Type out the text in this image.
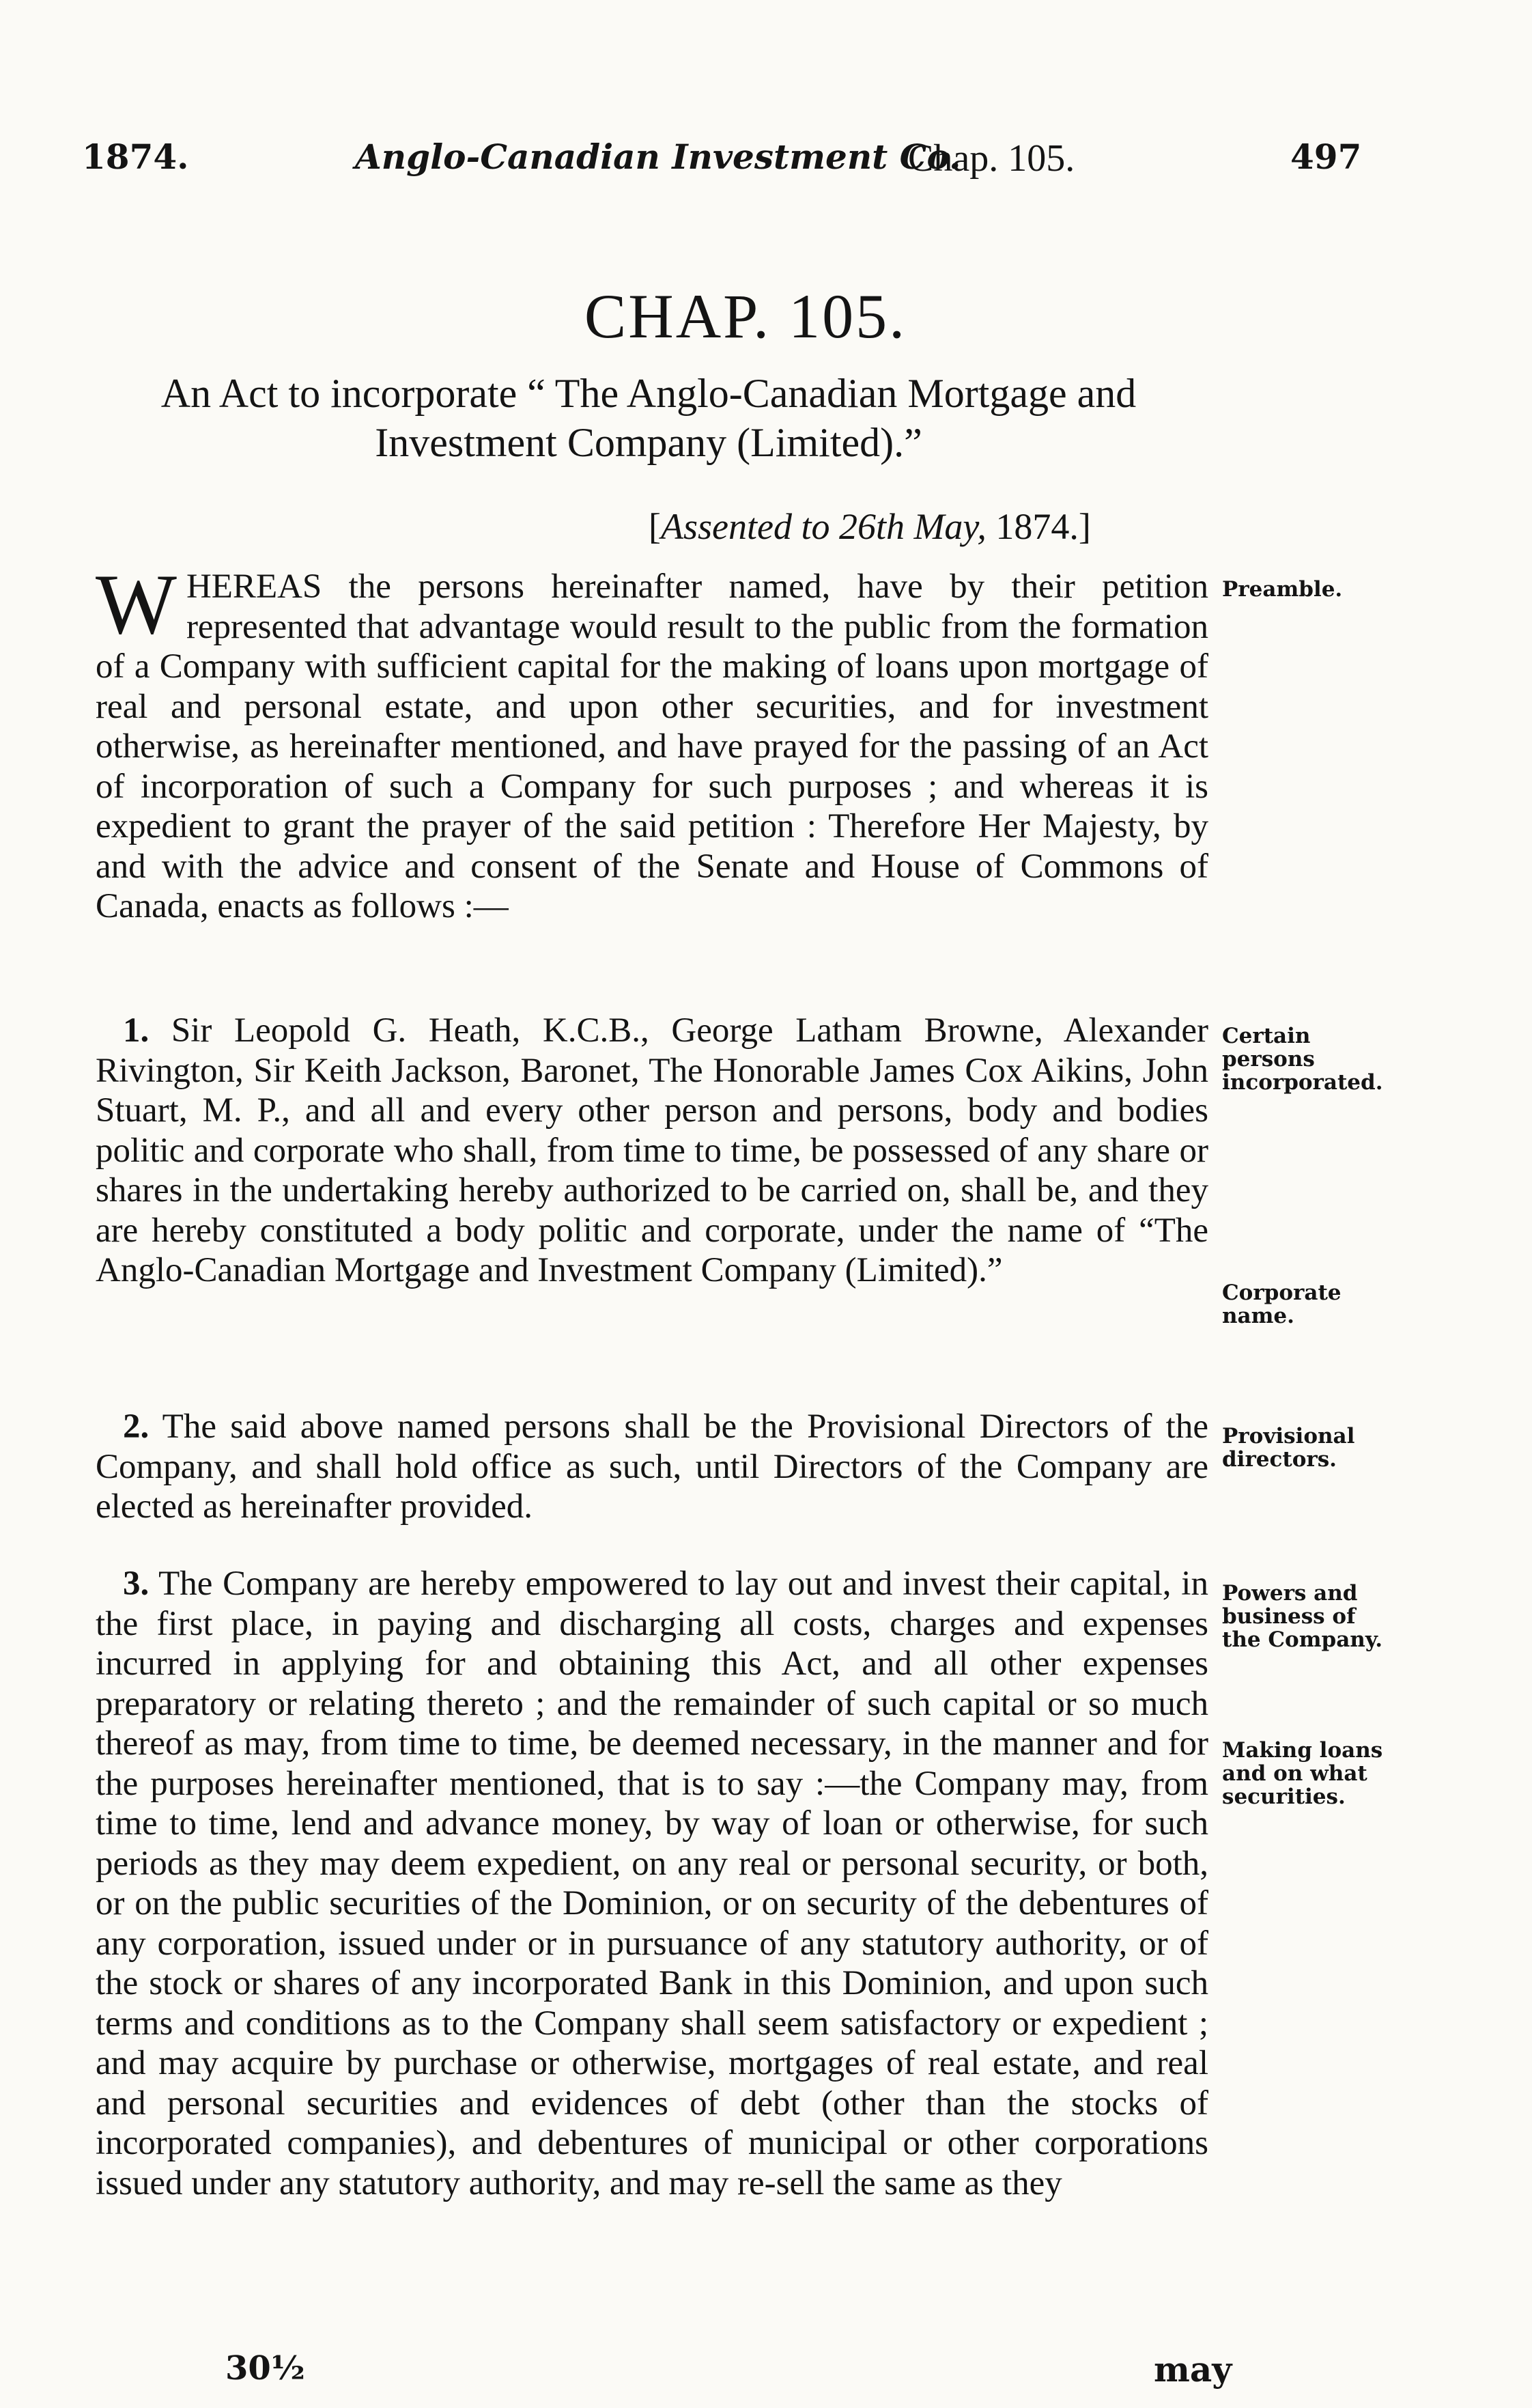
1874.	Anglo-Canadian Investment Co.
Chap. 105.	497
CHAP. 105.
An Act to incorporate “ The Anglo-Canadian Mortgage and Investment Company (Limited).”
[Assented to 26th May, 1874.]

WHEREAS the persons hereinafter named, have by their petition represented that advantage would result to the public from the formation of a Company with sufficient capital for the making of loans upon mortgage of real and personal estate, and upon other securities, and for investment otherwise, as hereinafter mentioned, and have prayed for the passing of an Act of incorporation of such a Company for such purposes ; and whereas it is expedient to grant the prayer of the said petition : Therefore Her Majesty, by and with the advice and consent of the Senate and House of Commons of Canada, enacts as follows :—

1. Sir Leopold G. Heath, K.C.B., George Latham Browne, Alexander Rivington, Sir Keith Jackson, Baronet, The Honorable James Cox Aikins, John Stuart, M. P., and all and every other person and persons, body and bodies politic and corporate who shall, from time to time, be possessed of any share or shares in the undertaking hereby authorized to be carried on, shall be, and they are hereby constituted a body politic and corporate, under the name of “The Anglo-Canadian Mortgage and Investment Company (Limited).”

2. The said above named persons shall be the Provisional Directors of the Company, and shall hold office as such, until Directors of the Company are elected as hereinafter provided.

3. The Company are hereby empowered to lay out and invest their capital, in the first place, in paying and discharging all costs, charges and expenses incurred in applying for and obtaining this Act, and all other expenses preparatory or relating thereto ; and the remainder of such capital or so much thereof as may, from time to time, be deemed necessary, in the manner and for the purposes hereinafter mentioned, that is to say :—the Company may, from time to time, lend and advance money, by way of loan or otherwise, for such periods as they may deem expedient, on any real or personal security, or both, or on the public securities of the Dominion, or on security of the debentures of any corporation, issued under or in pursuance of any statutory authority, or of the stock or shares of any incorporated Bank in this Dominion, and upon such terms and conditions as to the Company shall seem satisfactory or expedient ; and may acquire by purchase or otherwise, mortgages of real estate, and real and personal securities and evidences of debt (other than the stocks of incorporated companies), and debentures of municipal or other corporations issued under any statutory authority, and may re-sell the same as they

Preamble.
Certain persons incorporated.
Corporate name.
Provisional directors.
Powers and business of the Company.
Making loans and on what securities.
30½	may
